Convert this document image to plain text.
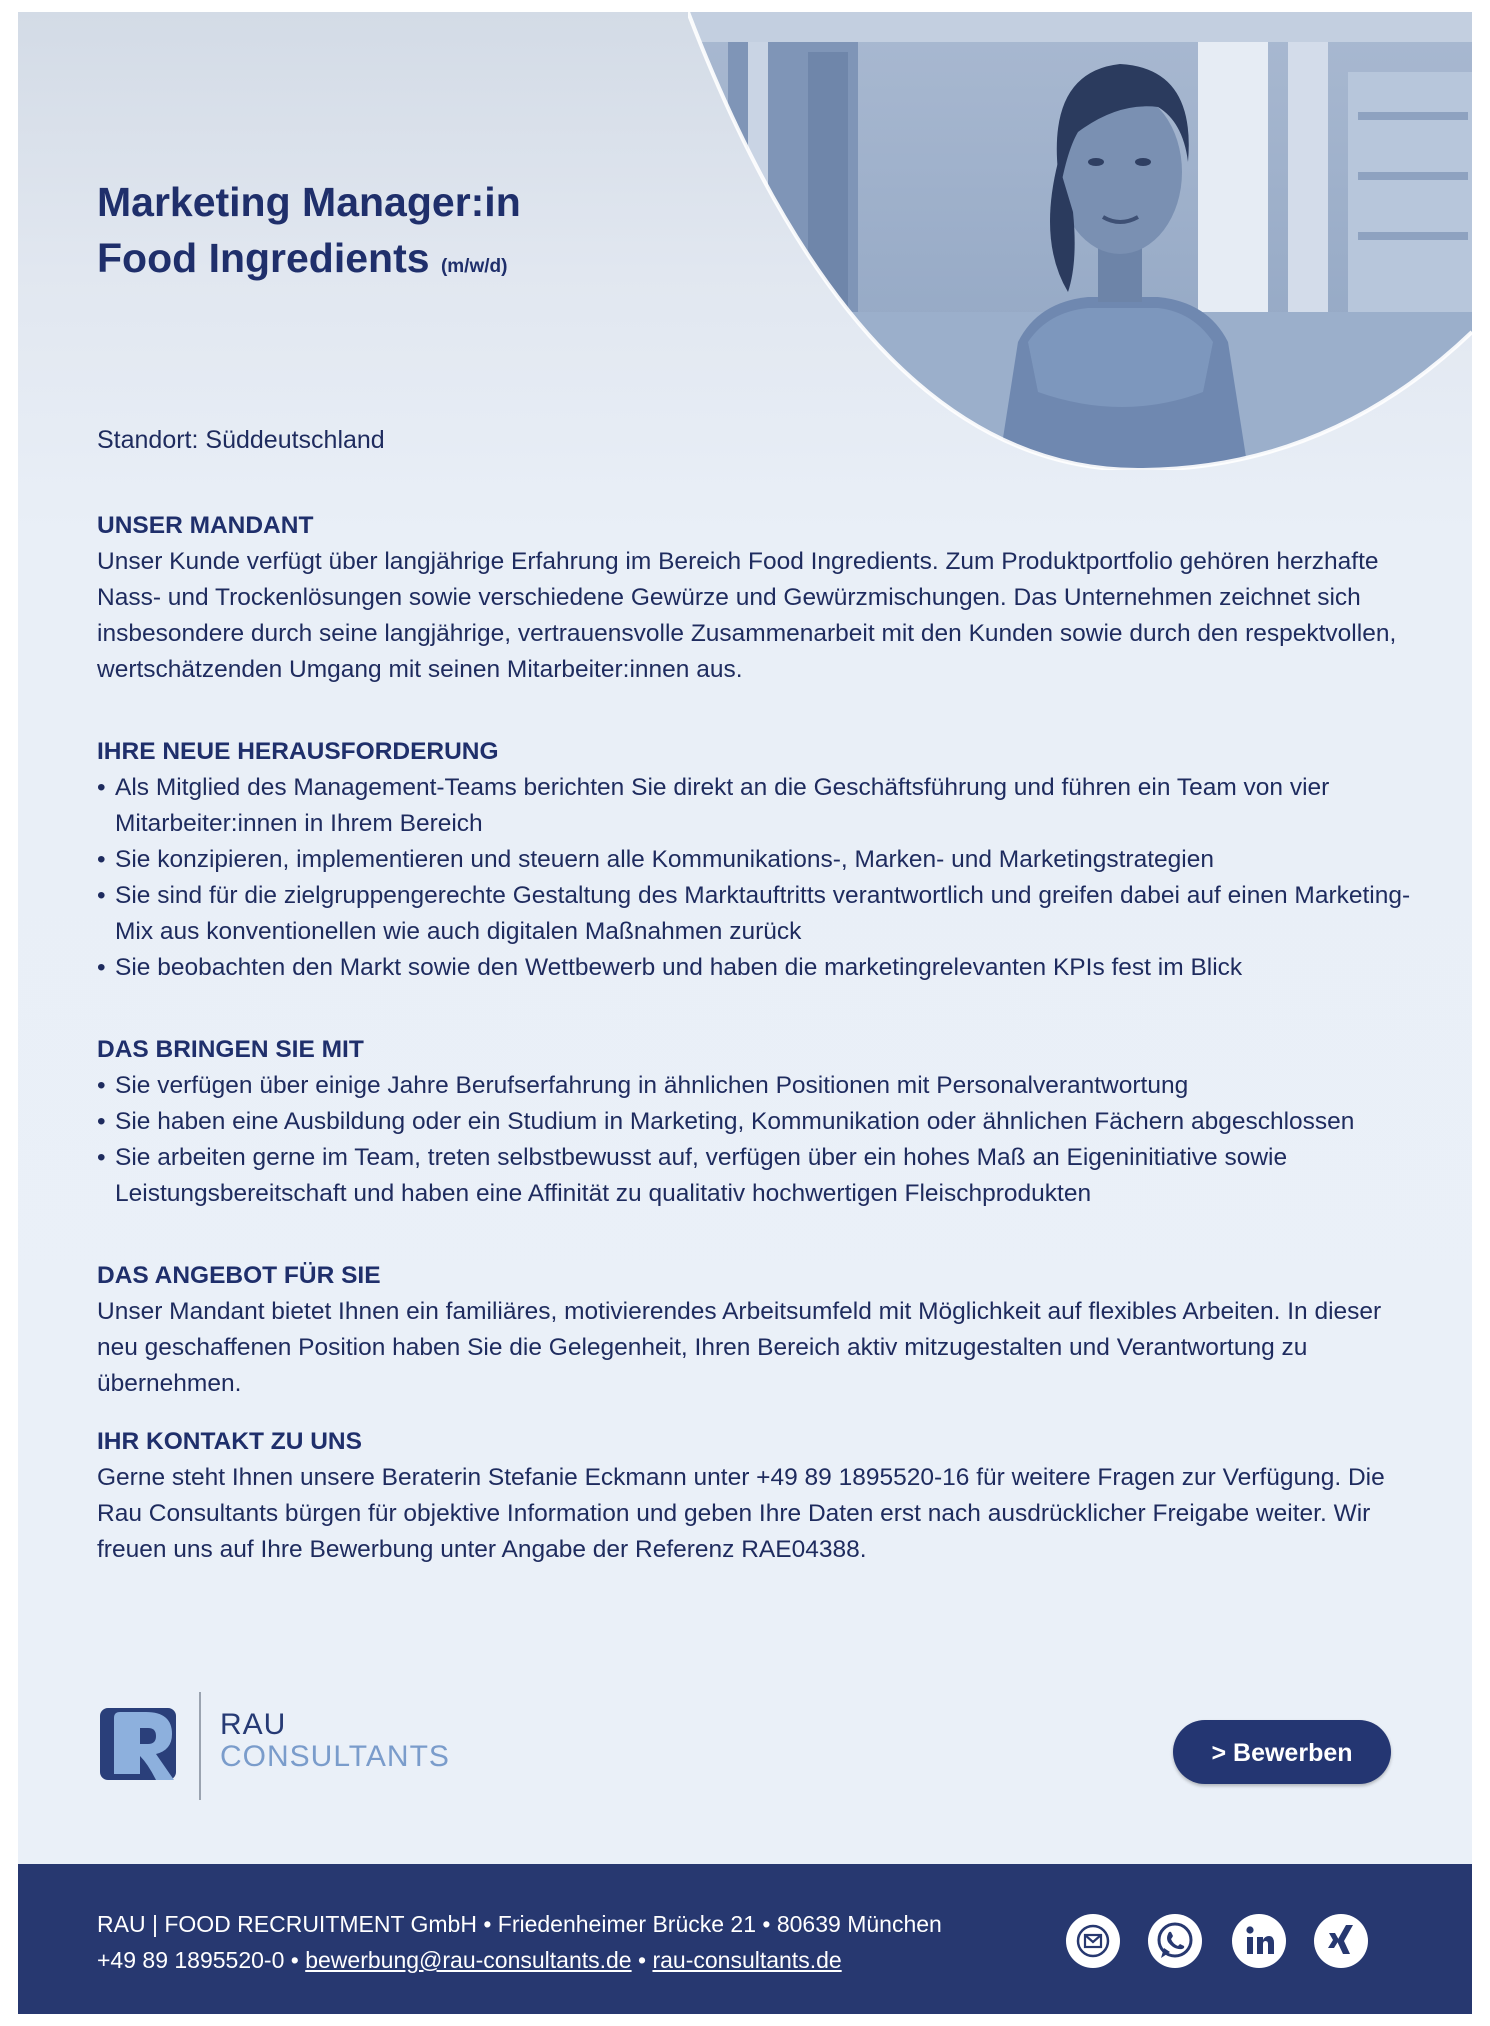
Marketing Manager:in
Food Ingredients (m/w/d)
Standort: Süddeutschland
UNSER MANDANT

Unser Kunde verfügt über langjährige Erfahrung im Bereich Food Ingredients. Zum Produktportfolio gehören herzhafte Nass- und Trockenlösungen sowie verschiedene Gewürze und Gewürzmischungen. Das Unternehmen zeichnet sich insbesondere durch seine langjährige, vertrauensvolle Zusammenarbeit mit den Kunden sowie durch den respektvollen, wertschätzenden Umgang mit seinen Mitarbeiter:innen aus.

IHRE NEUE HERAUSFORDERUNG
• Als Mitglied des Management-Teams berichten Sie direkt an die Geschäftsführung und führen ein Team von vier Mitarbeiter:innen in Ihrem Bereich
• Sie konzipieren, implementieren und steuern alle Kommunikations-, Marken- und Marketingstrategien
• Sie sind für die zielgruppengerechte Gestaltung des Marktauftritts verantwortlich und greifen dabei auf einen Marketing-Mix aus konventionellen wie auch digitalen Maßnahmen zurück
• Sie beobachten den Markt sowie den Wettbewerb und haben die marketingrelevanten KPIs fest im Blick
DAS BRINGEN SIE MIT
• Sie verfügen über einige Jahre Berufserfahrung in ähnlichen Positionen mit Personalverantwortung
• Sie haben eine Ausbildung oder ein Studium in Marketing, Kommunikation oder ähnlichen Fächern abgeschlossen
• Sie arbeiten gerne im Team, treten selbstbewusst auf, verfügen über ein hohes Maß an Eigeninitiative sowie Leistungsbereitschaft und haben eine Affinität zu qualitativ hochwertigen Fleischprodukten
DAS ANGEBOT FÜR SIE

Unser Mandant bietet Ihnen ein familiäres, motivierendes Arbeitsumfeld mit Möglichkeit auf flexibles Arbeiten. In dieser neu geschaffenen Position haben Sie die Gelegenheit, Ihren Bereich aktiv mitzugestalten und Verantwortung zu übernehmen.

IHR KONTAKT ZU UNS

Gerne steht Ihnen unsere Beraterin Stefanie Eckmann unter +49 89 1895520-16 für weitere Fragen zur Verfügung. Die Rau Consultants bürgen für objektive Information und geben Ihre Daten erst nach ausdrücklicher Freigabe weiter. Wir freuen uns auf Ihre Bewerbung unter Angabe der Referenz RAE04388.

RAU
CONSULTANTS	> Bewerben
RAU | FOOD RECRUITMENT GmbH • Friedenheimer Brücke 21 • 80639 München
+49 89 1895520-0 • bewerbung@rau-consultants.de • rau-consultants.de
